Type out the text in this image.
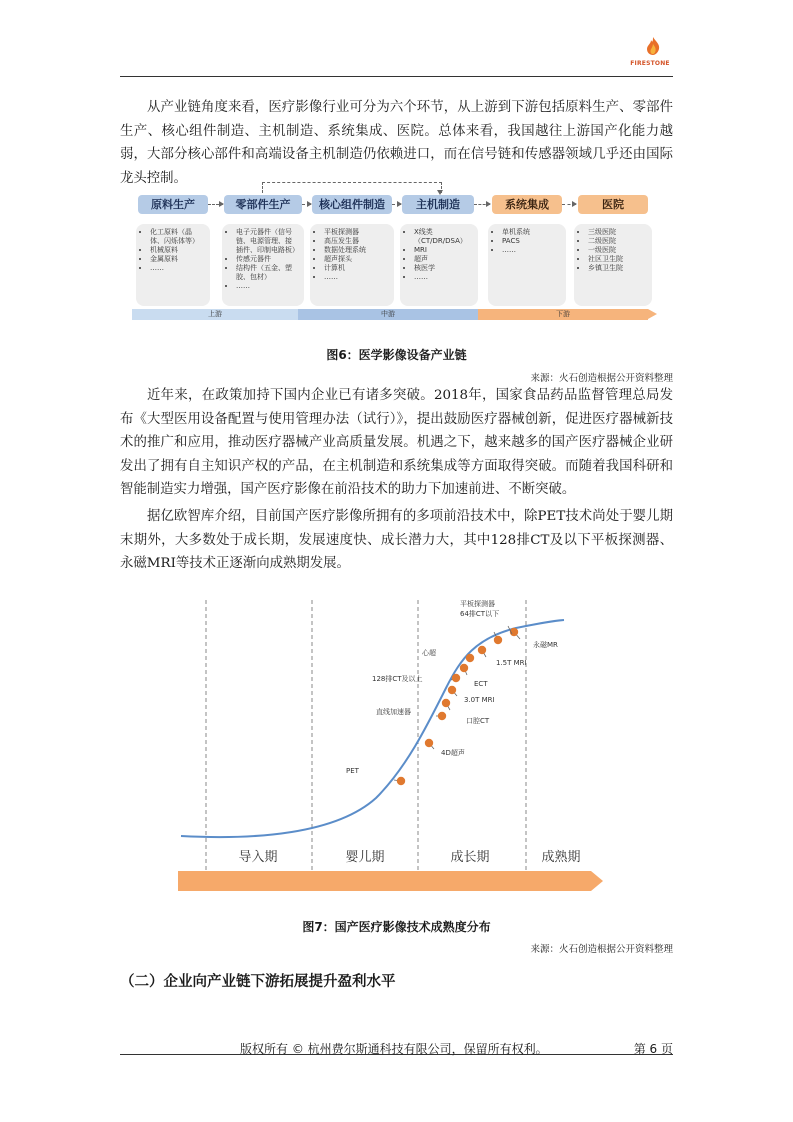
FIRESTONE
从产业链角度来看，医疗影像行业可分为六个环节，从上游到下游包括原料生产、零部件生产、核心组件制造、主机制造、系统集成、医院。总体来看，我国越往上游国产化能力越弱，大部分核心部件和高端设备主机制造仍依赖进口，而在信号链和传感器领域几乎还由国际龙头控制。
原料生产	零部件生产	核心组件制造	主机制造	系统集成	医院
• 化工原料（晶体、闪烁体等）
• 机械原料
• 金属原料
• ……
• 电子元器件（信号链、电源管理、接插件、印制电路板）
• 传感元器件
• 结构件（五金、塑胶、包材）
• ……
• 平板探测器
• 高压发生器
• 数据处理系统
• 超声探头
• 计算机
• ……
• X线类（CT/DR/DSA）
• MRI
• 超声
• 核医学
• ……
• 单机系统
• PACS
• ……
• 三级医院
• 二级医院
• 一级医院
• 社区卫生院
• 乡镇卫生院
上游	中游	下游
图6：医学影像设备产业链
来源：火石创造根据公开资料整理
近年来，在政策加持下国内企业已有诸多突破。2018年，国家食品药品监督管理总局发布《大型医用设备配置与使用管理办法（试行）》，提出鼓励医疗器械创新，促进医疗器械新技术的推广和应用，推动医疗器械产业高质量发展。机遇之下，越来越多的国产医疗器械企业研发出了拥有自主知识产权的产品，在主机制造和系统集成等方面取得突破。而随着我国科研和智能制造实力增强，国产医疗影像在前沿技术的助力下加速前进、不断突破。
据亿欧智库介绍，目前国产医疗影像所拥有的多项前沿技术中，除PET技术尚处于婴儿期末期外，大多数处于成长期，发展速度快、成长潜力大，其中128排CT及以下平板探测器、永磁MRI等技术正逐渐向成熟期发展。
PET
4D超声
直线加速器
口腔CT
3.0T MRI
128排CT及以上
ECT
心超
1.5T MRI
64排CT以下
永磁MR
平板探测器
导入期	婴儿期	成长期	成熟期
图7：国产医疗影像技术成熟度分布
来源：火石创造根据公开资料整理
（二）企业向产业链下游拓展提升盈利水平
版权所有 © 杭州费尔斯通科技有限公司，保留所有权利。	第 6 页
